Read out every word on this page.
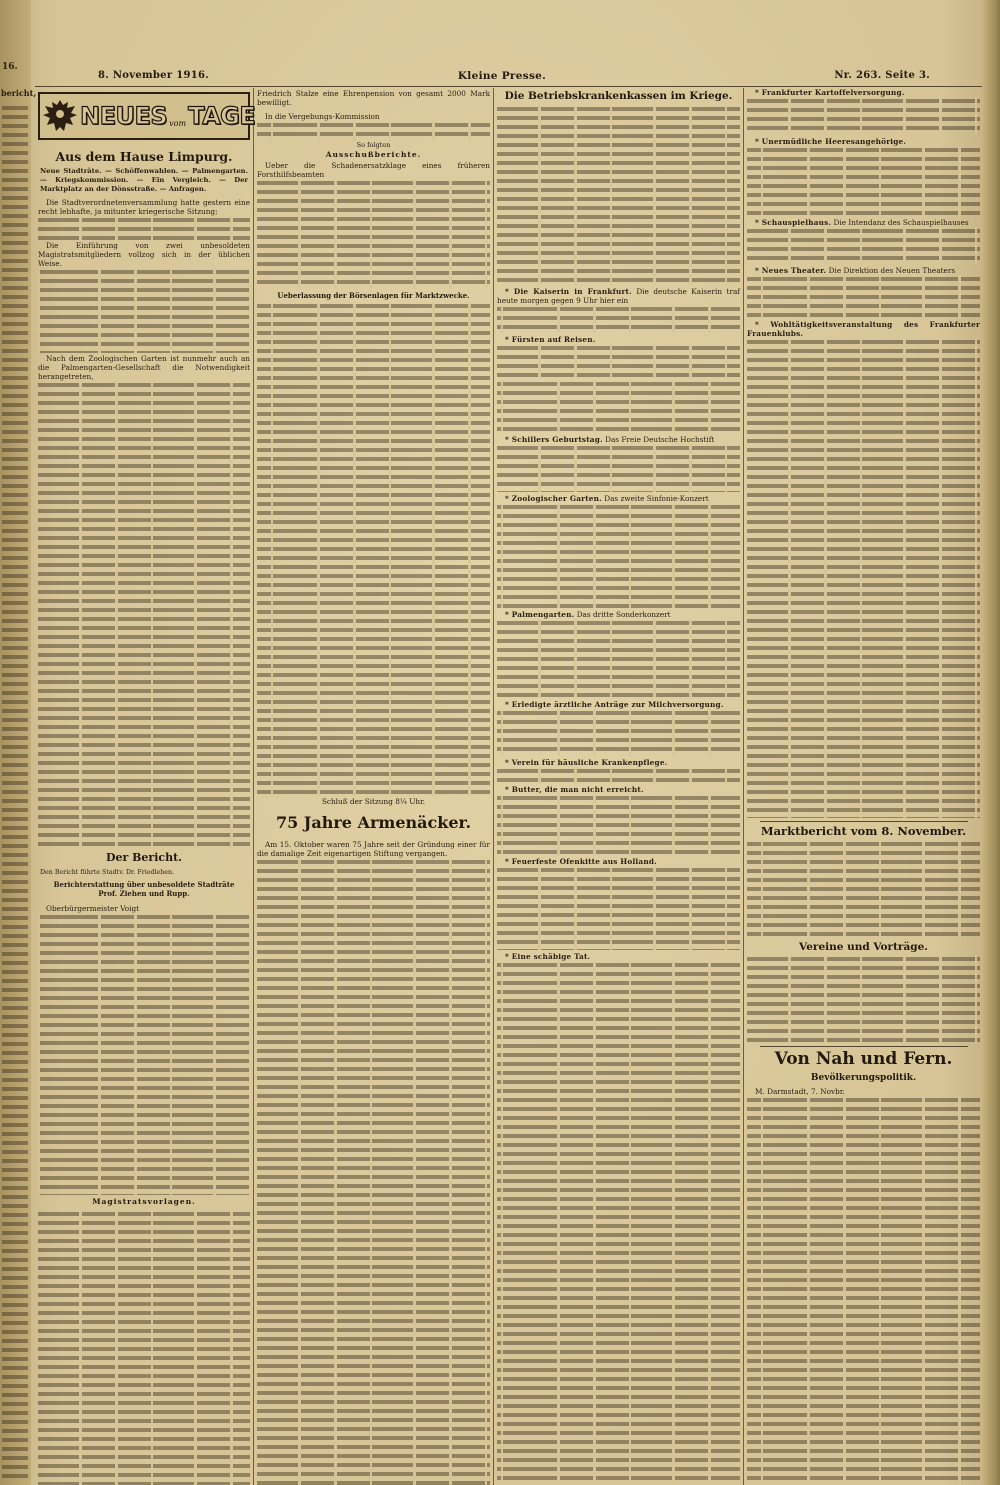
16.
bericht,
8. November 1916.	Kleine Presse.	Nr. 263. Seite 3.
NEUES vom TAGE
Aus dem Hause Limpurg.
Neue Stadträte. — Schöffenwahlen. — Palmengarten. — Kriegskommission. — Ein Vergleich. — Der Marktplatz an der Dönsstraße. — Anfragen.

Die Stadtverordnetenversammlung hatte gestern eine recht lebhafte, ja mitunter kriegerische Sitzung;

Die Einführung von zwei unbesoldeten Magistratsmitgliedern vollzog sich in der üblichen Weise.

Nach dem Zoologischen Garten ist nunmehr auch an die Palmengarten-Gesellschaft die Notwendigkeit herangetreten,

Der Bericht.
Den Bericht führte Stadtv. Dr. Friedleben.
Berichterstattung über unbesoldete Stadträte Prof. Ziehen und Rupp.

Oberbürgermeister Voigt

Magistratsvorlagen.

Friedrich Stalze eine Ehrenpension von gesamt 2000 Mark bewilligt.

In die Vergebungs-Kommission

So folgten
Ausschußberichte.

Ueber die Schadenersatzklage eines früheren Forsthilfsbeamten

Ueberlassung der Börsenlagen für Marktzwecke.
Schluß der Sitzung 8¼ Uhr.
75 Jahre Armenäcker.

Am 15. Oktober waren 75 Jahre seit der Gründung einer für die damalige Zeit eigenartigen Stiftung vergangen.

Die Betriebskrankenkassen im Kriege.

* Die Kaiserin in Frankfurt. Die deutsche Kaiserin traf heute morgen gegen 9 Uhr hier ein

* Fürsten auf Reisen.

* Schillers Geburtstag. Das Freie Deutsche Hochstift

* Zoologischer Garten. Das zweite Sinfonie-Konzert

* Palmengarten. Das dritte Sonderkonzert

* Erledigte ärztliche Anträge zur Milchversorgung.

* Verein für häusliche Krankenpflege.

* Butter, die man nicht erreicht.

* Feuerfeste Ofenkitte aus Holland.

* Eine schäbige Tat.

* Frankfurter Kartoffelversorgung.

* Unermüdliche Heeresangehörige.

* Schauspielhaus. Die Intendanz des Schauspielhauses

* Neues Theater. Die Direktion des Neuen Theaters

* Wohltätigkeitsveranstaltung des Frankfurter Frauenklubs.

Marktbericht vom 8. November.
Vereine und Vorträge.
Von Nah und Fern.
Bevölkerungspolitik.

M. Darmstadt, 7. Novbr.
